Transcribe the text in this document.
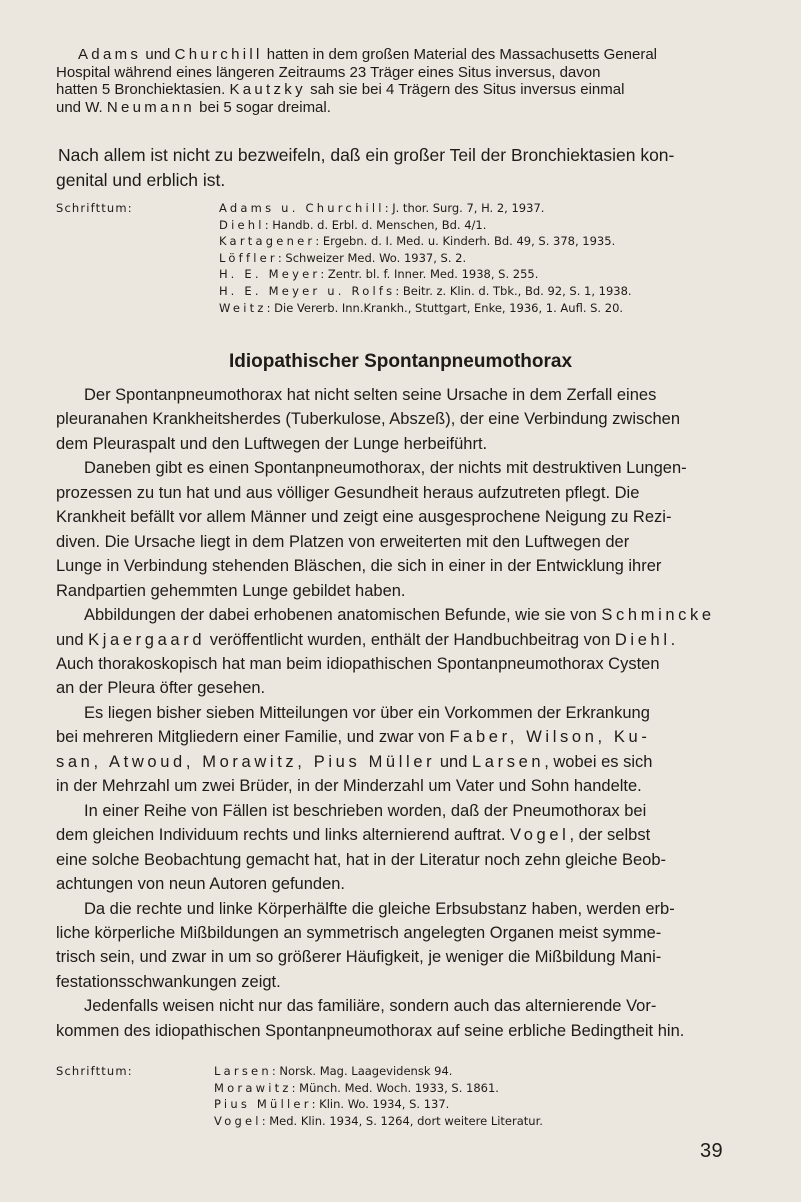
Adams und Churchill hatten in dem großen Material des Massachusetts General
Hospital während eines längeren Zeitraums 23 Träger eines Situs inversus, davon
hatten 5 Bronchiektasien. Kautzky sah sie bei 4 Trägern des Situs inversus einmal
und W. Neumann bei 5 sogar dreimal.
Nach allem ist nicht zu bezweifeln, daß ein großer Teil der Bronchiektasien kon-
genital und erblich ist.
Schrifttum:	Adams u. Churchill: J. thor. Surg. 7, H. 2, 1937.
Diehl: Handb. d. Erbl. d. Menschen, Bd. 4/1.
Kartagener: Ergebn. d. I. Med. u. Kinderh. Bd. 49, S. 378, 1935.
Löffler: Schweizer Med. Wo. 1937, S. 2.
H. E. Meyer: Zentr. bl. f. Inner. Med. 1938, S. 255.
H. E. Meyer u. Rolfs: Beitr. z. Klin. d. Tbk., Bd. 92, S. 1, 1938.
Weitz: Die Vererb. Inn.Krankh., Stuttgart, Enke, 1936, 1. Aufl. S. 20.
Idiopathischer Spontanpneumothorax
Der Spontanpneumothorax hat nicht selten seine Ursache in dem Zerfall eines
pleuranahen Krankheitsherdes (Tuberkulose, Abszeß), der eine Verbindung zwischen
dem Pleuraspalt und den Luftwegen der Lunge herbeiführt.
Daneben gibt es einen Spontanpneumothorax, der nichts mit destruktiven Lungen-
prozessen zu tun hat und aus völliger Gesundheit heraus aufzutreten pflegt. Die
Krankheit befällt vor allem Männer und zeigt eine ausgesprochene Neigung zu Rezi-
diven. Die Ursache liegt in dem Platzen von erweiterten mit den Luftwegen der
Lunge in Verbindung stehenden Bläschen, die sich in einer in der Entwicklung ihrer
Randpartien gehemmten Lunge gebildet haben.
Abbildungen der dabei erhobenen anatomischen Befunde, wie sie von Schmincke
und Kjaergaard veröffentlicht wurden, enthält der Handbuchbeitrag von Diehl.
Auch thorakoskopisch hat man beim idiopathischen Spontanpneumothorax Cysten
an der Pleura öfter gesehen.
Es liegen bisher sieben Mitteilungen vor über ein Vorkommen der Erkrankung
bei mehreren Mitgliedern einer Familie, und zwar von Faber, Wilson, Ku-
san, Atwoud, Morawitz, Pius Müller und Larsen, wobei es sich
in der Mehrzahl um zwei Brüder, in der Minderzahl um Vater und Sohn handelte.
In einer Reihe von Fällen ist beschrieben worden, daß der Pneumothorax bei
dem gleichen Individuum rechts und links alternierend auftrat. Vogel, der selbst
eine solche Beobachtung gemacht hat, hat in der Literatur noch zehn gleiche Beob-
achtungen von neun Autoren gefunden.
Da die rechte und linke Körperhälfte die gleiche Erbsubstanz haben, werden erb-
liche körperliche Mißbildungen an symmetrisch angelegten Organen meist symme-
trisch sein, und zwar in um so größerer Häufigkeit, je weniger die Mißbildung Mani-
festationsschwankungen zeigt.
Jedenfalls weisen nicht nur das familiäre, sondern auch das alternierende Vor-
kommen des idiopathischen Spontanpneumothorax auf seine erbliche Bedingtheit hin.
Schrifttum:	Larsen: Norsk. Mag. Laagevidensk 94.
Morawitz: Münch. Med. Woch. 1933, S. 1861.
Pius Müller: Klin. Wo. 1934, S. 137.
Vogel: Med. Klin. 1934, S. 1264, dort weitere Literatur.
39
